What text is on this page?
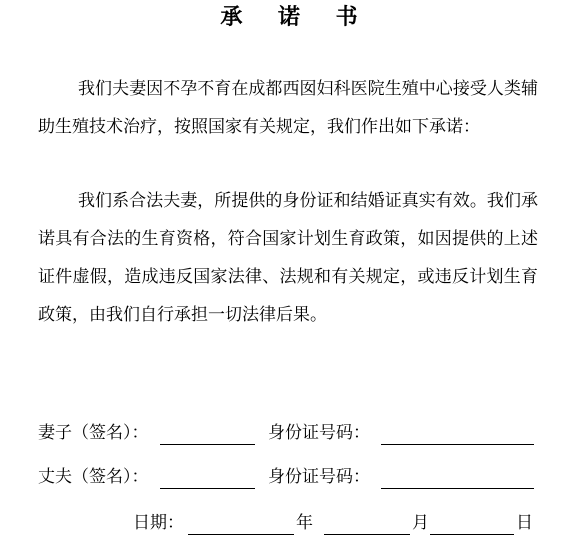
承 诺 书
我们夫妻因不孕不育在成都西囡妇科医院生殖中心接受人类辅助生殖技术治疗，按照国家有关规定，我们作出如下承诺：
我们系合法夫妻，所提供的身份证和结婚证真实有效。我们承诺具有合法的生育资格，符合国家计划生育政策，如因提供的上述证件虚假，造成违反国家法律、法规和有关规定，或违反计划生育政策，由我们自行承担一切法律后果。
妻子（签名）：	身份证号码：
丈夫（签名）：	身份证号码：
日期：	年	月	日
